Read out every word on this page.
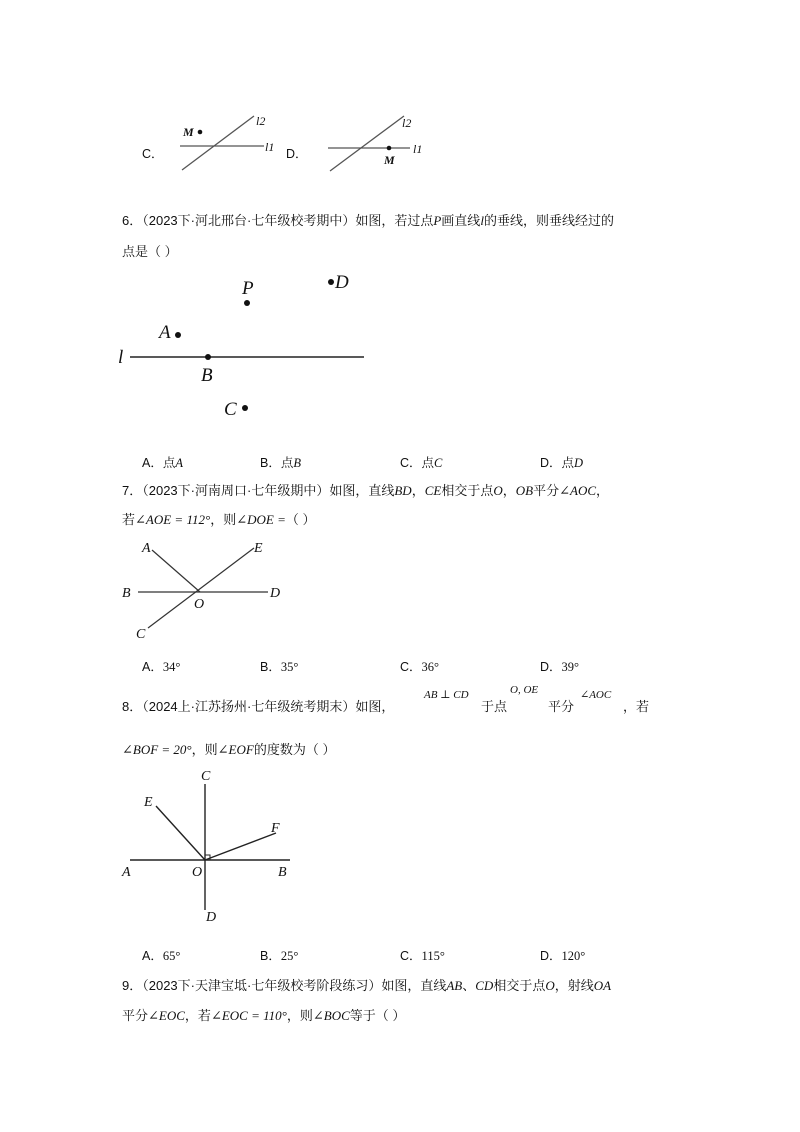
C．
M
l2
l1 D．	M
l2
l1
6．（2023下·河北邢台·七年级校考期中）如图，若过点P画直线l的垂线，则垂线经过的
点是（ ）
l
B
A
P	D
C
A．点A	B．点B	C．点C	D．点D
7．（2023下·河南周口·七年级期中）如图，直线BD，CE相交于点O，OB平分∠AOC，
若∠AOE = 112°，则∠DOE =（ ）
A	E
B	D
O
C
A．34°	B．35°	C．36°	D．39°
8．（2024上·江苏扬州·七年级统考期末）如图，
AB ⊥ CD
于点
O, OE
平分
∠AOC
，若
∠BOF = 20°，则∠EOF的度数为（ ）
C
E
F
A	O	B
D
A．65°	B．25°	C．115°	D．120°
9．（2023下·天津宝坻·七年级校考阶段练习）如图，直线AB、CD相交于点O，射线OA
平分∠EOC，若∠EOC = 110°，则∠BOC等于（ ）
